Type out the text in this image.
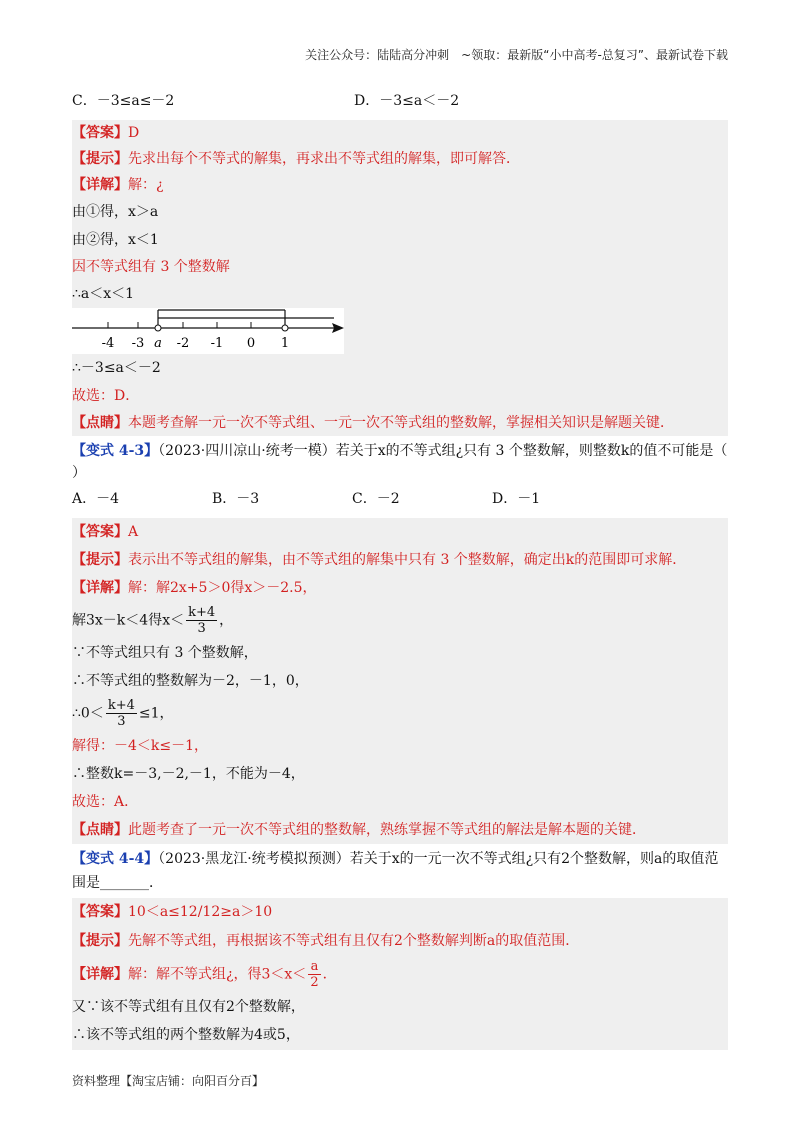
关注公众号：陆陆高分冲刺　~领取：最新版“小中高考-总复习”、最新试卷下载
C．－3≤a≤－2	D．－3≤a＜－2
【答案】D
【提示】先求出每个不等式的解集，再求出不等式组的解集，即可解答．
【详解】解：¿
由①得，x＞a
由②得，x＜1
因不等式组有 3 个整数解
∴a＜x＜1
-4 -3 a -2 -1 0 1
∴－3≤a＜－2
故选：D．
【点睛】本题考查解一元一次不等式组、一元一次不等式组的整数解，掌握相关知识是解题关键．
【变式 4-3】（2023·四川凉山·统考一模）若关于x的不等式组¿只有 3 个整数解，则整数k的值不可能是（
）
A．－4	B．－3	C．－2	D．－1
【答案】A
【提示】表示出不等式组的解集，由不等式组的解集中只有 3 个整数解，确定出k的范围即可求解．
【详解】解：解2x+5＞0得x＞－2.5，
解3x－k＜4得$x< \frac{k+4}{3}$ ，
∵不等式组只有 3 个整数解，
∴不等式组的整数解为－2，－1，0，
∴0＜ $\frac{k+4}{3} \le 1$，
解得：－4＜k≤－1，
∴整数k=－3,－2,－1，不能为－4，
故选：A．
【点睛】此题考查了一元一次不等式组的整数解，熟练掌握不等式组的解法是解本题的关键．
【变式 4-4】（2023·黑龙江·统考模拟预测）若关于x的一元一次不等式组¿只有2个整数解，则a的取值范
围是_______．
【答案】10＜a≤12/12≥a＞10
【提示】先解不等式组，再根据该不等式组有且仅有2个整数解判断a的取值范围．
【详解】解：解不等式组¿，得$3<x< \frac{a}{2}$ ．
又∵该不等式组有且仅有2个整数解，
∴该不等式组的两个整数解为4或5，
资料整理【淘宝店铺：向阳百分百】
